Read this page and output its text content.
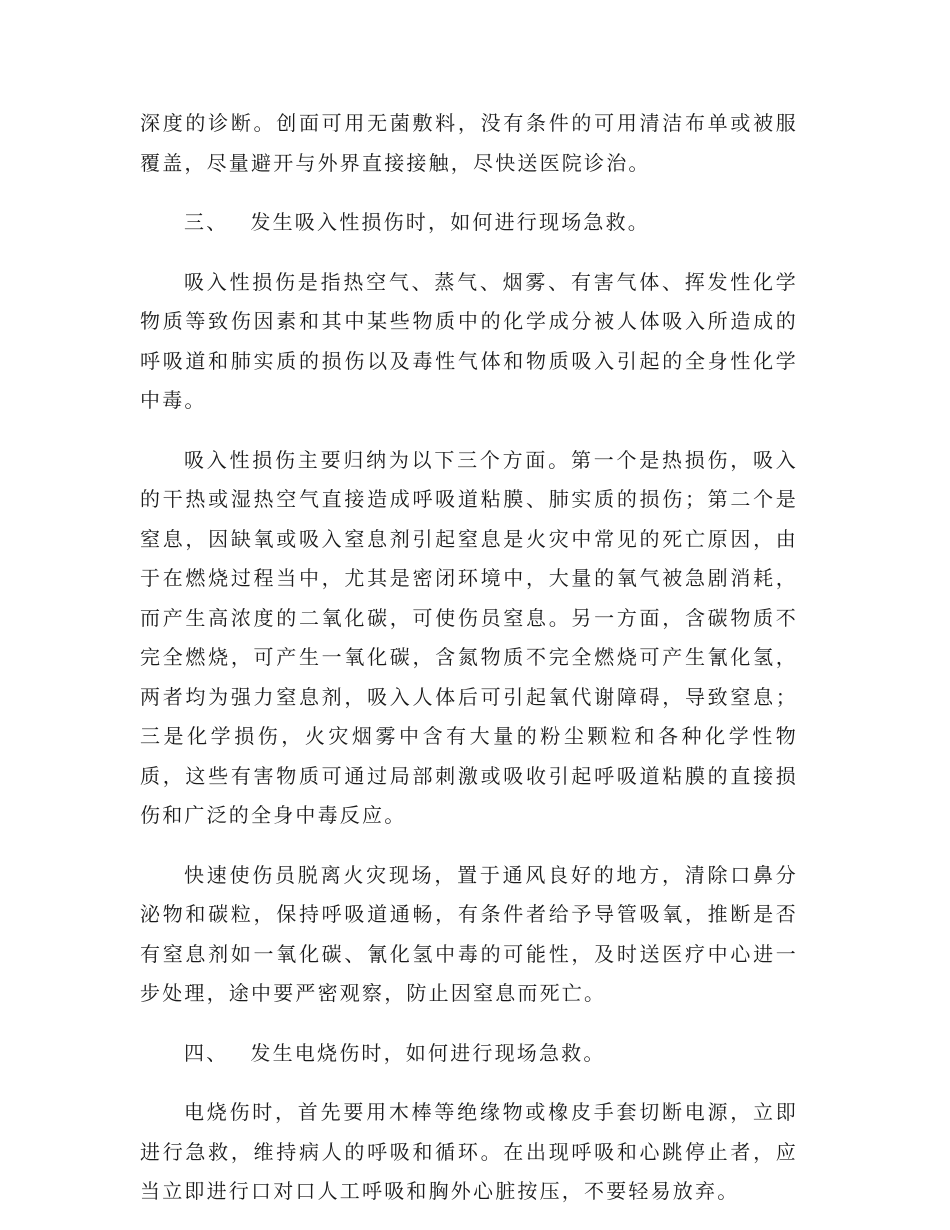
深度的诊断。创面可用无菌敷料，没有条件的可用清洁布单或被服覆盖，尽量避开与外界直接接触，尽快送医院诊治。

三、 发生吸入性损伤时，如何进行现场急救。

吸入性损伤是指热空气、蒸气、烟雾、有害气体、挥发性化学物质等致伤因素和其中某些物质中的化学成分被人体吸入所造成的呼吸道和肺实质的损伤以及毒性气体和物质吸入引起的全身性化学中毒。

吸入性损伤主要归纳为以下三个方面。第一个是热损伤，吸入的干热或湿热空气直接造成呼吸道粘膜、肺实质的损伤；第二个是窒息，因缺氧或吸入窒息剂引起窒息是火灾中常见的死亡原因，由于在燃烧过程当中，尤其是密闭环境中，大量的氧气被急剧消耗，而产生高浓度的二氧化碳，可使伤员窒息。另一方面，含碳物质不完全燃烧，可产生一氧化碳，含氮物质不完全燃烧可产生氰化氢，两者均为强力窒息剂，吸入人体后可引起氧代谢障碍，导致窒息；三是化学损伤，火灾烟雾中含有大量的粉尘颗粒和各种化学性物质，这些有害物质可通过局部刺激或吸收引起呼吸道粘膜的直接损伤和广泛的全身中毒反应。

快速使伤员脱离火灾现场，置于通风良好的地方，清除口鼻分泌物和碳粒，保持呼吸道通畅，有条件者给予导管吸氧，推断是否有窒息剂如一氧化碳、氰化氢中毒的可能性，及时送医疗中心进一步处理，途中要严密观察，防止因窒息而死亡。

四、 发生电烧伤时，如何进行现场急救。

电烧伤时，首先要用木棒等绝缘物或橡皮手套切断电源，立即进行急救，维持病人的呼吸和循环。在出现呼吸和心跳停止者，应当立即进行口对口人工呼吸和胸外心脏按压，不要轻易放弃。
